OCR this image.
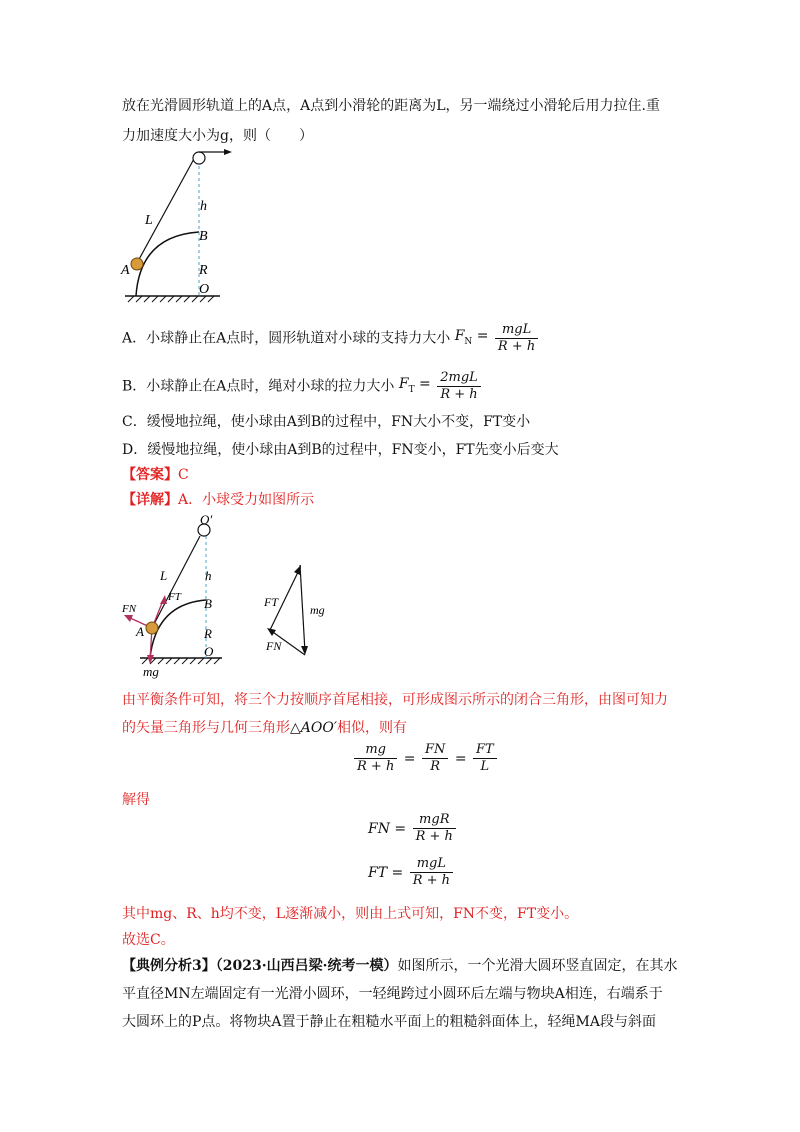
放在光滑圆形轨道上的A点，A点到小滑轮的距离为L，另一端绕过小滑轮后用力拉住.重
力加速度大小为g，则（　　）
L
h
B
A	R
O
A．小球静止在A点时，圆形轨道对小球的支持力大小 $F_N = \frac{\text{mgL}}{R + h}$
B．小球静止在A点时，绳对小球的拉力大小 $F_T = \frac{\text{2mgL}}{R + h}$
C．缓慢地拉绳，使小球由A到B的过程中，FN大小不变，FT变小
D．缓慢地拉绳，使小球由A到B的过程中，FN变小，FT先变小后变大
【答案】C
【详解】A．小球受力如图所示
O′
L	h
FT B
FN
A	R
O
mg
FT
mg
FN
由平衡条件可知，将三个力按顺序首尾相接，可形成图示所示的闭合三角形，由图可知力
的矢量三角形与几何三角形△AOO′相似，则有
$\frac{mg}{R + h} = \frac{FN}{R} = \frac{FT}{L}$
解得
FN = $\frac{\text{mgR}}{R + h}$
FT = $\frac{\text{mgL}}{R + h}$
其中mg、R、h均不变，L逐渐减小，则由上式可知，FN不变，FT变小。
故选C。
【典例分析3】（2023·山西吕梁·统考一模）如图所示，一个光滑大圆环竖直固定，在其水
平直径MN左端固定有一光滑小圆环，一轻绳跨过小圆环后左端与物块A相连，右端系于
大圆环上的P点。将物块A置于静止在粗糙水平面上的粗糙斜面体上，轻绳MA段与斜面
